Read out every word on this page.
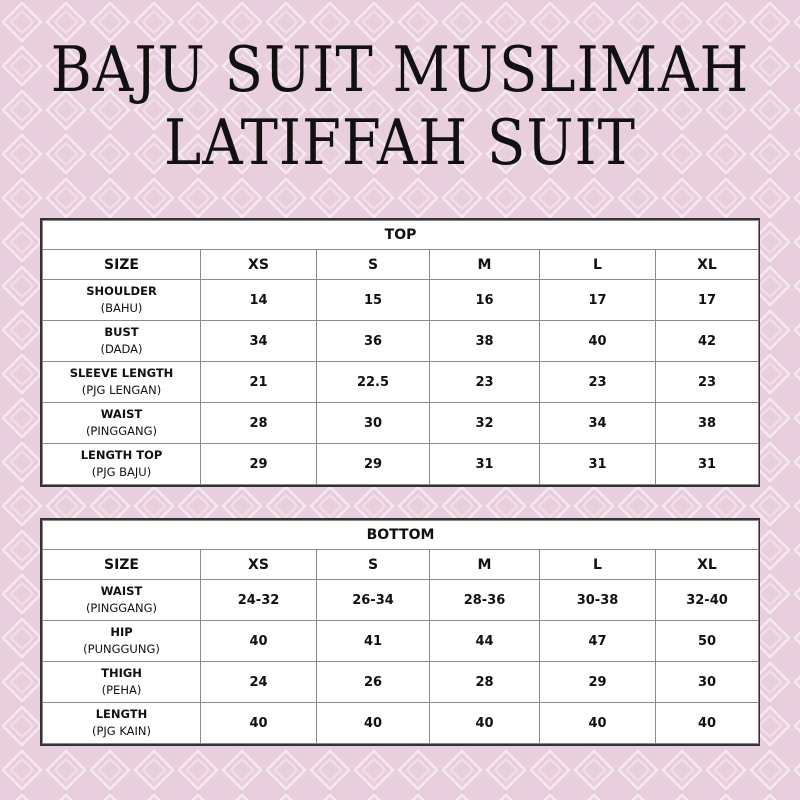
BAJU SUIT MUSLIMAH
LATIFFAH SUIT
TOP					
SIZE	XS	S	M	L	XL

SHOULDER
(BAHU)	14	15	16	17	17

BUST
(DADA)	34	36	38	40	42

SLEEVE LENGTH
(PJG LENGAN)	21	22.5	23	23	23

WAIST
(PINGGANG)	28	30	32	34	38

LENGTH TOP
(PJG BAJU)	29	29	31	31	31
BOTTOM					
SIZE	XS	S	M	L	XL

WAIST
(PINGGANG)	24-32	26-34	28-36	30-38	32-40

HIP
(PUNGGUNG)	40	41	44	47	50

THIGH
(PEHA)	24	26	28	29	30

LENGTH
(PJG KAIN)	40	40	40	40	40
